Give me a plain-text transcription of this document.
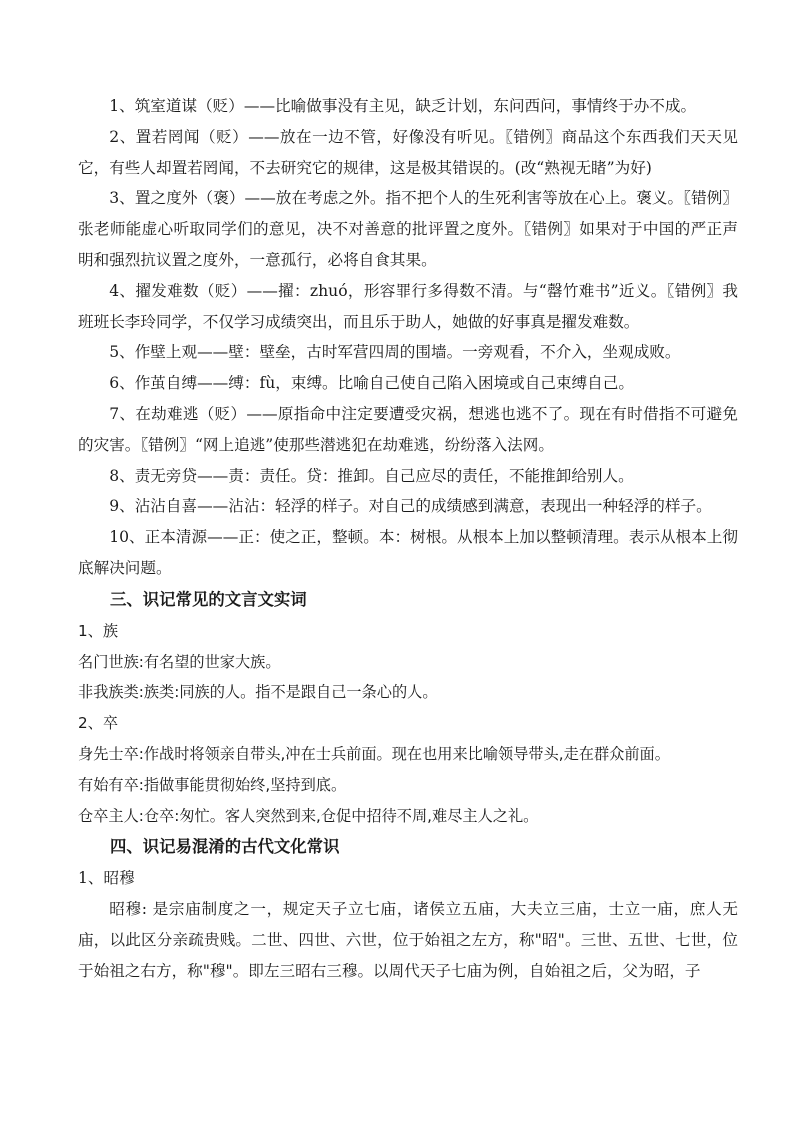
1、筑室道谋（贬）——比喻做事没有主见，缺乏计划，东问西问，事情终于办不成。

2、置若罔闻（贬）——放在一边不管，好像没有听见。〖错例〗商品这个东西我们天天见它，有些人却置若罔闻，不去研究它的规律，这是极其错误的。(改“熟视无睹”为好)

3、置之度外（褒）——放在考虑之外。指不把个人的生死利害等放在心上。褒义。〖错例〗张老师能虚心听取同学们的意见，决不对善意的批评置之度外。〖错例〗如果对于中国的严正声明和强烈抗议置之度外，一意孤行，必将自食其果。

4、擢发难数（贬）——擢：zhuó，形容罪行多得数不清。与“罄竹难书”近义。〖错例〗我班班长李玲同学，不仅学习成绩突出，而且乐于助人，她做的好事真是擢发难数。

5、作壁上观——壁：壁垒，古时军营四周的围墙。一旁观看，不介入，坐观成败。

6、作茧自缚——缚：fù，束缚。比喻自己使自己陷入困境或自己束缚自己。

7、在劫难逃（贬）——原指命中注定要遭受灾祸，想逃也逃不了。现在有时借指不可避免的灾害。〖错例〗“网上追逃”使那些潜逃犯在劫难逃，纷纷落入法网。

8、责无旁贷——责：责任。贷：推卸。自己应尽的责任，不能推卸给别人。

9、沾沾自喜——沾沾：轻浮的样子。对自己的成绩感到满意，表现出一种轻浮的样子。

10、正本清源——正：使之正，整顿。本：树根。从根本上加以整顿清理。表示从根本上彻底解决问题。

三、识记常见的文言文实词

1、族

名门世族:有名望的世家大族。

非我族类:族类:同族的人。指不是跟自己一条心的人。

2、卒

身先士卒:作战时将领亲自带头,冲在士兵前面。现在也用来比喻领导带头,走在群众前面。

有始有卒:指做事能贯彻始终,坚持到底。

仓卒主人:仓卒:匆忙。客人突然到来,仓促中招待不周,难尽主人之礼。

四、识记易混淆的古代文化常识

1、昭穆

昭穆: 是宗庙制度之一，规定天子立七庙，诸侯立五庙，大夫立三庙，士立一庙，庶人无庙，以此区分亲疏贵贱。二世、四世、六世，位于始祖之左方，称"昭"。三世、五世、七世，位于始祖之右方，称"穆"。即左三昭右三穆。以周代天子七庙为例，自始祖之后，父为昭，子
